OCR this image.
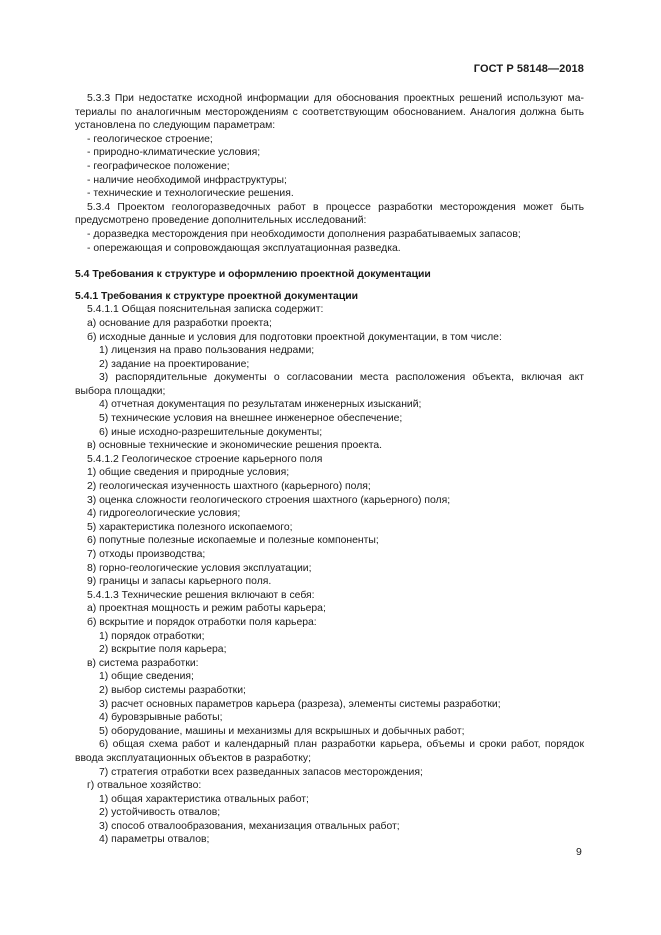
ГОСТ Р 58148—2018
5.3.3 При недостатке исходной информации для обоснования проектных решений используют ма-
териалы по аналогичным месторождениям с соответствующим обоснованием. Аналогия должна быть
установлена по следующим параметрам:
- геологическое строение;
- природно-климатические условия;
- географическое положение;
- наличие необходимой инфраструктуры;
- технические и технологические решения.
5.3.4 Проектом геологоразведочных работ в процессе разработки месторождения может быть
предусмотрено проведение дополнительных исследований:
- доразведка месторождения при необходимости дополнения разрабатываемых запасов;
- опережающая и сопровождающая эксплуатационная разведка.
5.4 Требования к структуре и оформлению проектной документации
5.4.1 Требования к структуре проектной документации
5.4.1.1 Общая пояснительная записка содержит:
а) основание для разработки проекта;
б) исходные данные и условия для подготовки проектной документации, в том числе:
1) лицензия на право пользования недрами;
2) задание на проектирование;
3) распорядительные документы о согласовании места расположения объекта, включая акт
выбора площадки;
4) отчетная документация по результатам инженерных изысканий;
5) технические условия на внешнее инженерное обеспечение;
6) иные исходно-разрешительные документы;
в) основные технические и экономические решения проекта.
5.4.1.2 Геологическое строение карьерного поля
1) общие сведения и природные условия;
2) геологическая изученность шахтного (карьерного) поля;
3) оценка сложности геологического строения шахтного (карьерного) поля;
4) гидрогеологические условия;
5) характеристика полезного ископаемого;
6) попутные полезные ископаемые и полезные компоненты;
7) отходы производства;
8) горно-геологические условия эксплуатации;
9) границы и запасы карьерного поля.
5.4.1.3 Технические решения включают в себя:
а) проектная мощность и режим работы карьера;
б) вскрытие и порядок отработки поля карьера:
1) порядок отработки;
2) вскрытие поля карьера;
в) система разработки:
1) общие сведения;
2) выбор системы разработки;
3) расчет основных параметров карьера (разреза), элементы системы разработки;
4) буровзрывные работы;
5) оборудование, машины и механизмы для вскрышных и добычных работ;
6) общая схема работ и календарный план разработки карьера, объемы и сроки работ, порядок
ввода эксплуатационных объектов в разработку;
7) стратегия отработки всех разведанных запасов месторождения;
г) отвальное хозяйство:
1) общая характеристика отвальных работ;
2) устойчивость отвалов;
3) способ отвалообразования, механизация отвальных работ;
4) параметры отвалов;
9
